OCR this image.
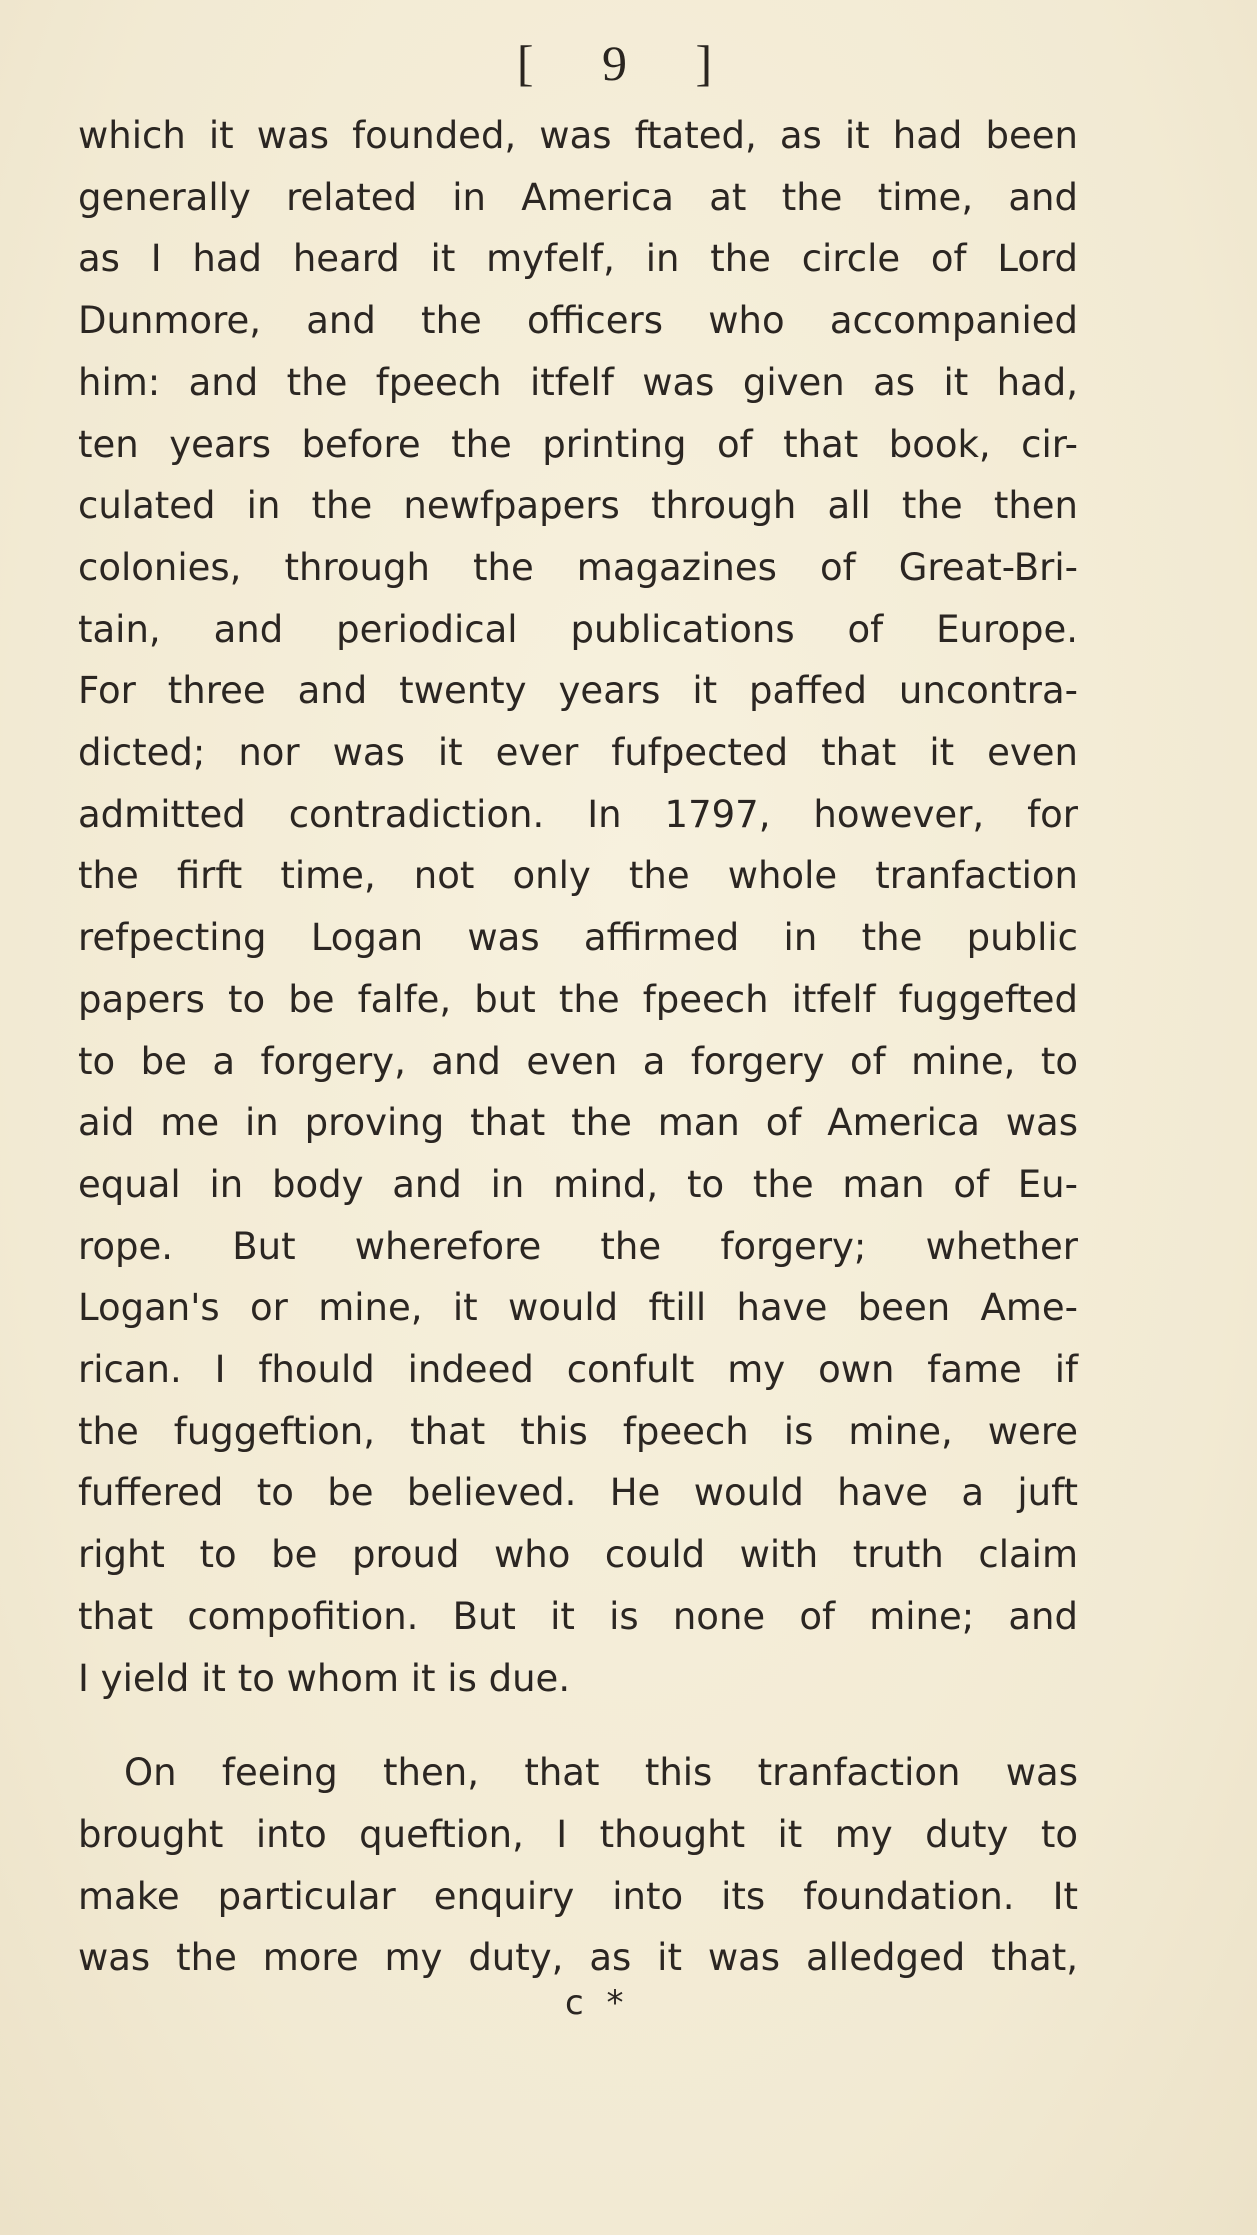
[ 9 ]

which it was founded, was ftated, as it had been

generally related in America at the time, and

as I had heard it myfelf, in the circle of Lord

Dunmore, and the officers who accompanied

him: and the fpeech itfelf was given as it had,

ten years before the printing of that book, cir-

culated in the newfpapers through all the then

colonies, through the magazines of Great-Bri-

tain, and periodical publications of Europe.

For three and twenty years it paffed uncontra-

dicted; nor was it ever fufpected that it even

admitted contradiction. In 1797, however, for

the firft time, not only the whole tranfaction

refpecting Logan was affirmed in the public

papers to be falfe, but the fpeech itfelf fuggefted

to be a forgery, and even a forgery of mine, to

aid me in proving that the man of America was

equal in body and in mind, to the man of Eu-

rope. But wherefore the forgery; whether

Logan's or mine, it would ftill have been Ame-

rican. I fhould indeed confult my own fame if

the fuggeftion, that this fpeech is mine, were

fuffered to be believed. He would have a juft

right to be proud who could with truth claim

that compofition. But it is none of mine; and

I yield it to whom it is due.

On feeing then, that this tranfaction was

brought into queftion, I thought it my duty to

make particular enquiry into its foundation. It

was the more my duty, as it was alledged that,

c *
